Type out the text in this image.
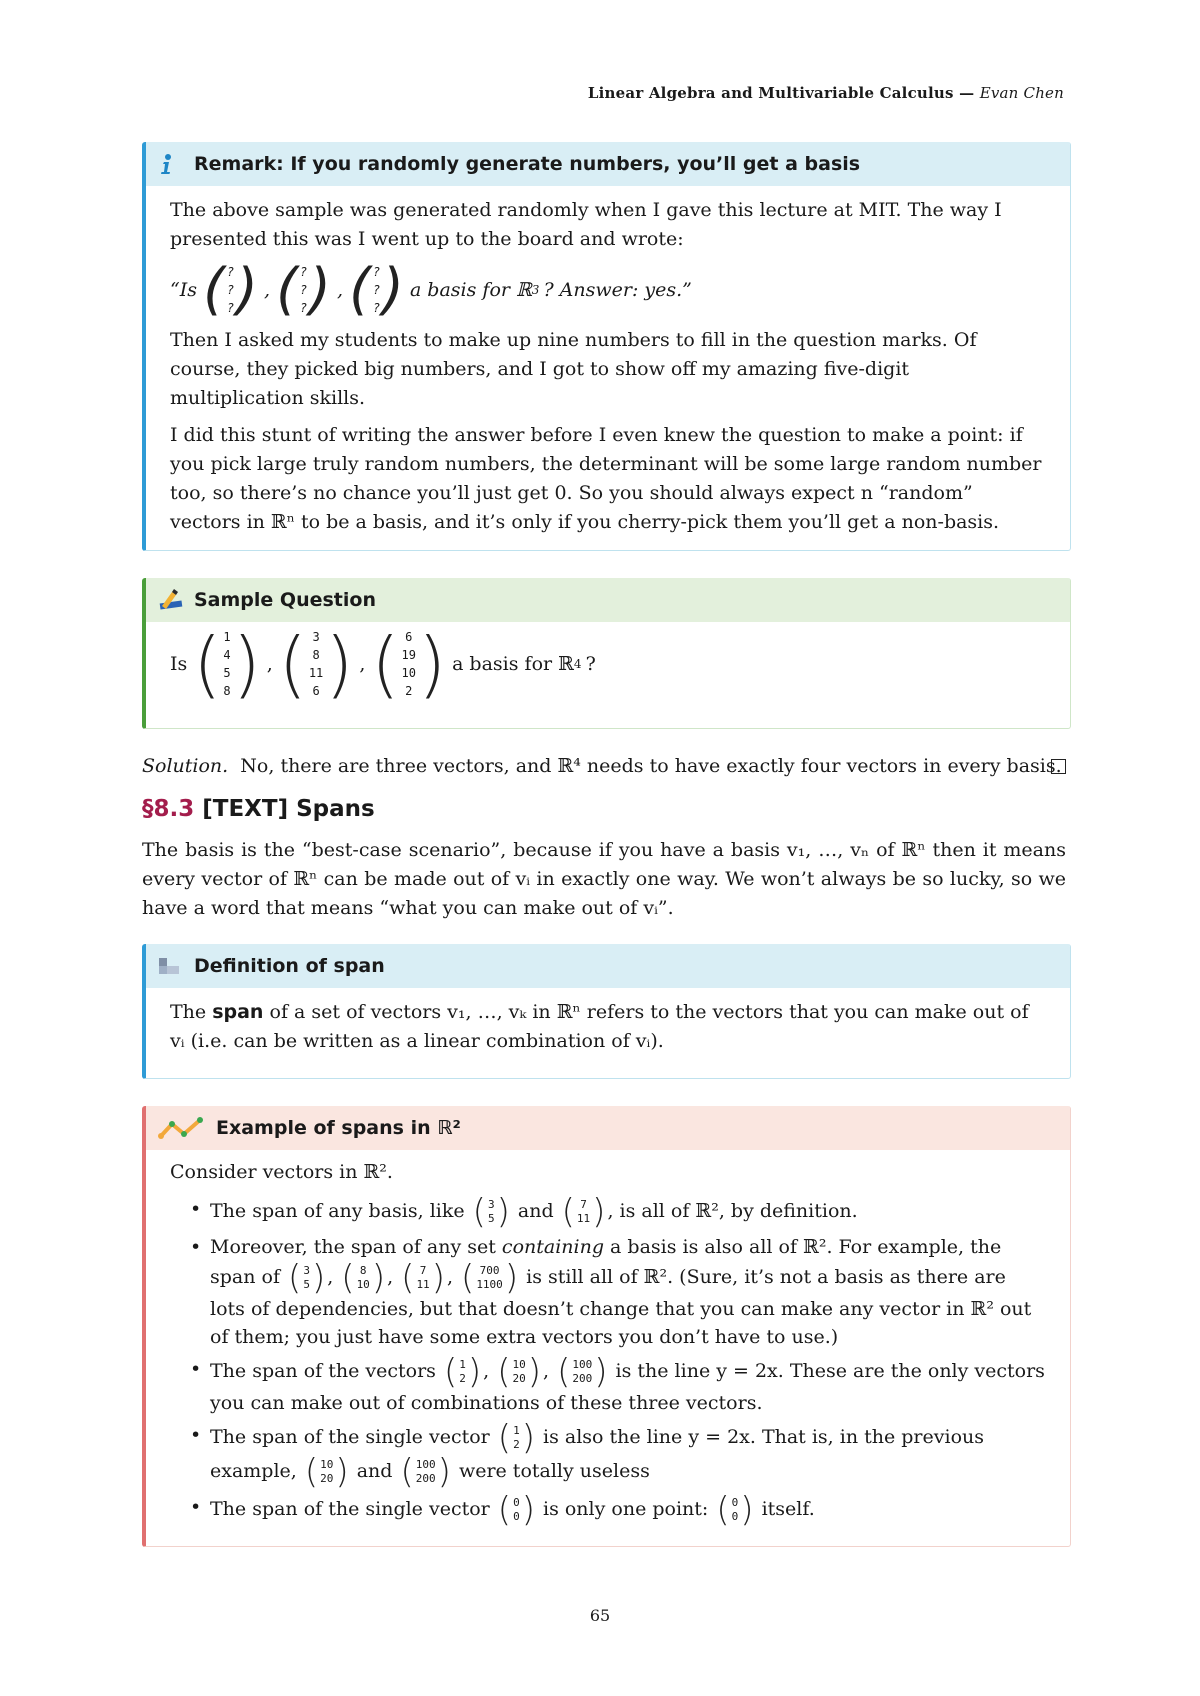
Linear Algebra and Multivariable Calculus — Evan Chen
Remark: If you randomly generate numbers, you’ll get a basis

The above sample was generated randomly when I gave this lecture at MIT. The way I presented this was I went up to the board and wrote:

“Is ( ?
?
? ) , ( ?
?
? ) , ( ?
?
? ) a basis for ℝ 3 ? Answer: yes.”

Then I asked my students to make up nine numbers to fill in the question marks. Of course, they picked big numbers, and I got to show off my amazing five-digit multiplication skills.

I did this stunt of writing the answer before I even knew the question to make a point: if you pick large truly random numbers, the determinant will be some large random number too, so there’s no chance you’ll just get 0. So you should always expect n “random” vectors in ℝⁿ to be a basis, and it’s only if you cherry-pick them you’ll get a non-basis.

Sample Question
Is ( 1
4
5
8 ) , ( 3
8
11
6 ) , ( 6
19
10
2 ) a basis for ℝ 4 ?
Solution. No, there are three vectors, and ℝ⁴ needs to have exactly four vectors in every basis.
§8.3 [TEXT] Spans
The basis is the “best-case scenario”, because if you have a basis v₁, …, vₙ of ℝⁿ then it means every vector of ℝⁿ can be made out of vᵢ in exactly one way. We won’t always be so lucky, so we have a word that means “what you can make out of vᵢ”.
Definition of span

The span of a set of vectors v₁, …, vₖ in ℝⁿ refers to the vectors that you can make out of vᵢ (i.e. can be written as a linear combination of vᵢ).

Example of spans in ℝ²

Consider vectors in ℝ².

• The span of any basis, like ( 3
5 ) and ( 7
11 ) , is all of ℝ², by definition.
• Moreover, the span of any set containing a basis is also all of ℝ². For example, the span of ( 3
5 ) , ( 8
10 ) , ( 7
11 ) , ( 700
1100 ) is still all of ℝ². (Sure, it’s not a basis as there are lots of dependencies, but that doesn’t change that you can make any vector in ℝ² out of them; you just have some extra vectors you don’t have to use.)
• The span of the vectors ( 1
2 ) , ( 10
20 ) , ( 100
200 ) is the line y = 2x. These are the only vectors you can make out of combinations of these three vectors.
• The span of the single vector ( 1
2 ) is also the line y = 2x. That is, in the previous example, ( 10
20 ) and ( 100
200 ) were totally useless
• The span of the single vector ( 0
0 ) is only one point: ( 0
0 ) itself.
65
